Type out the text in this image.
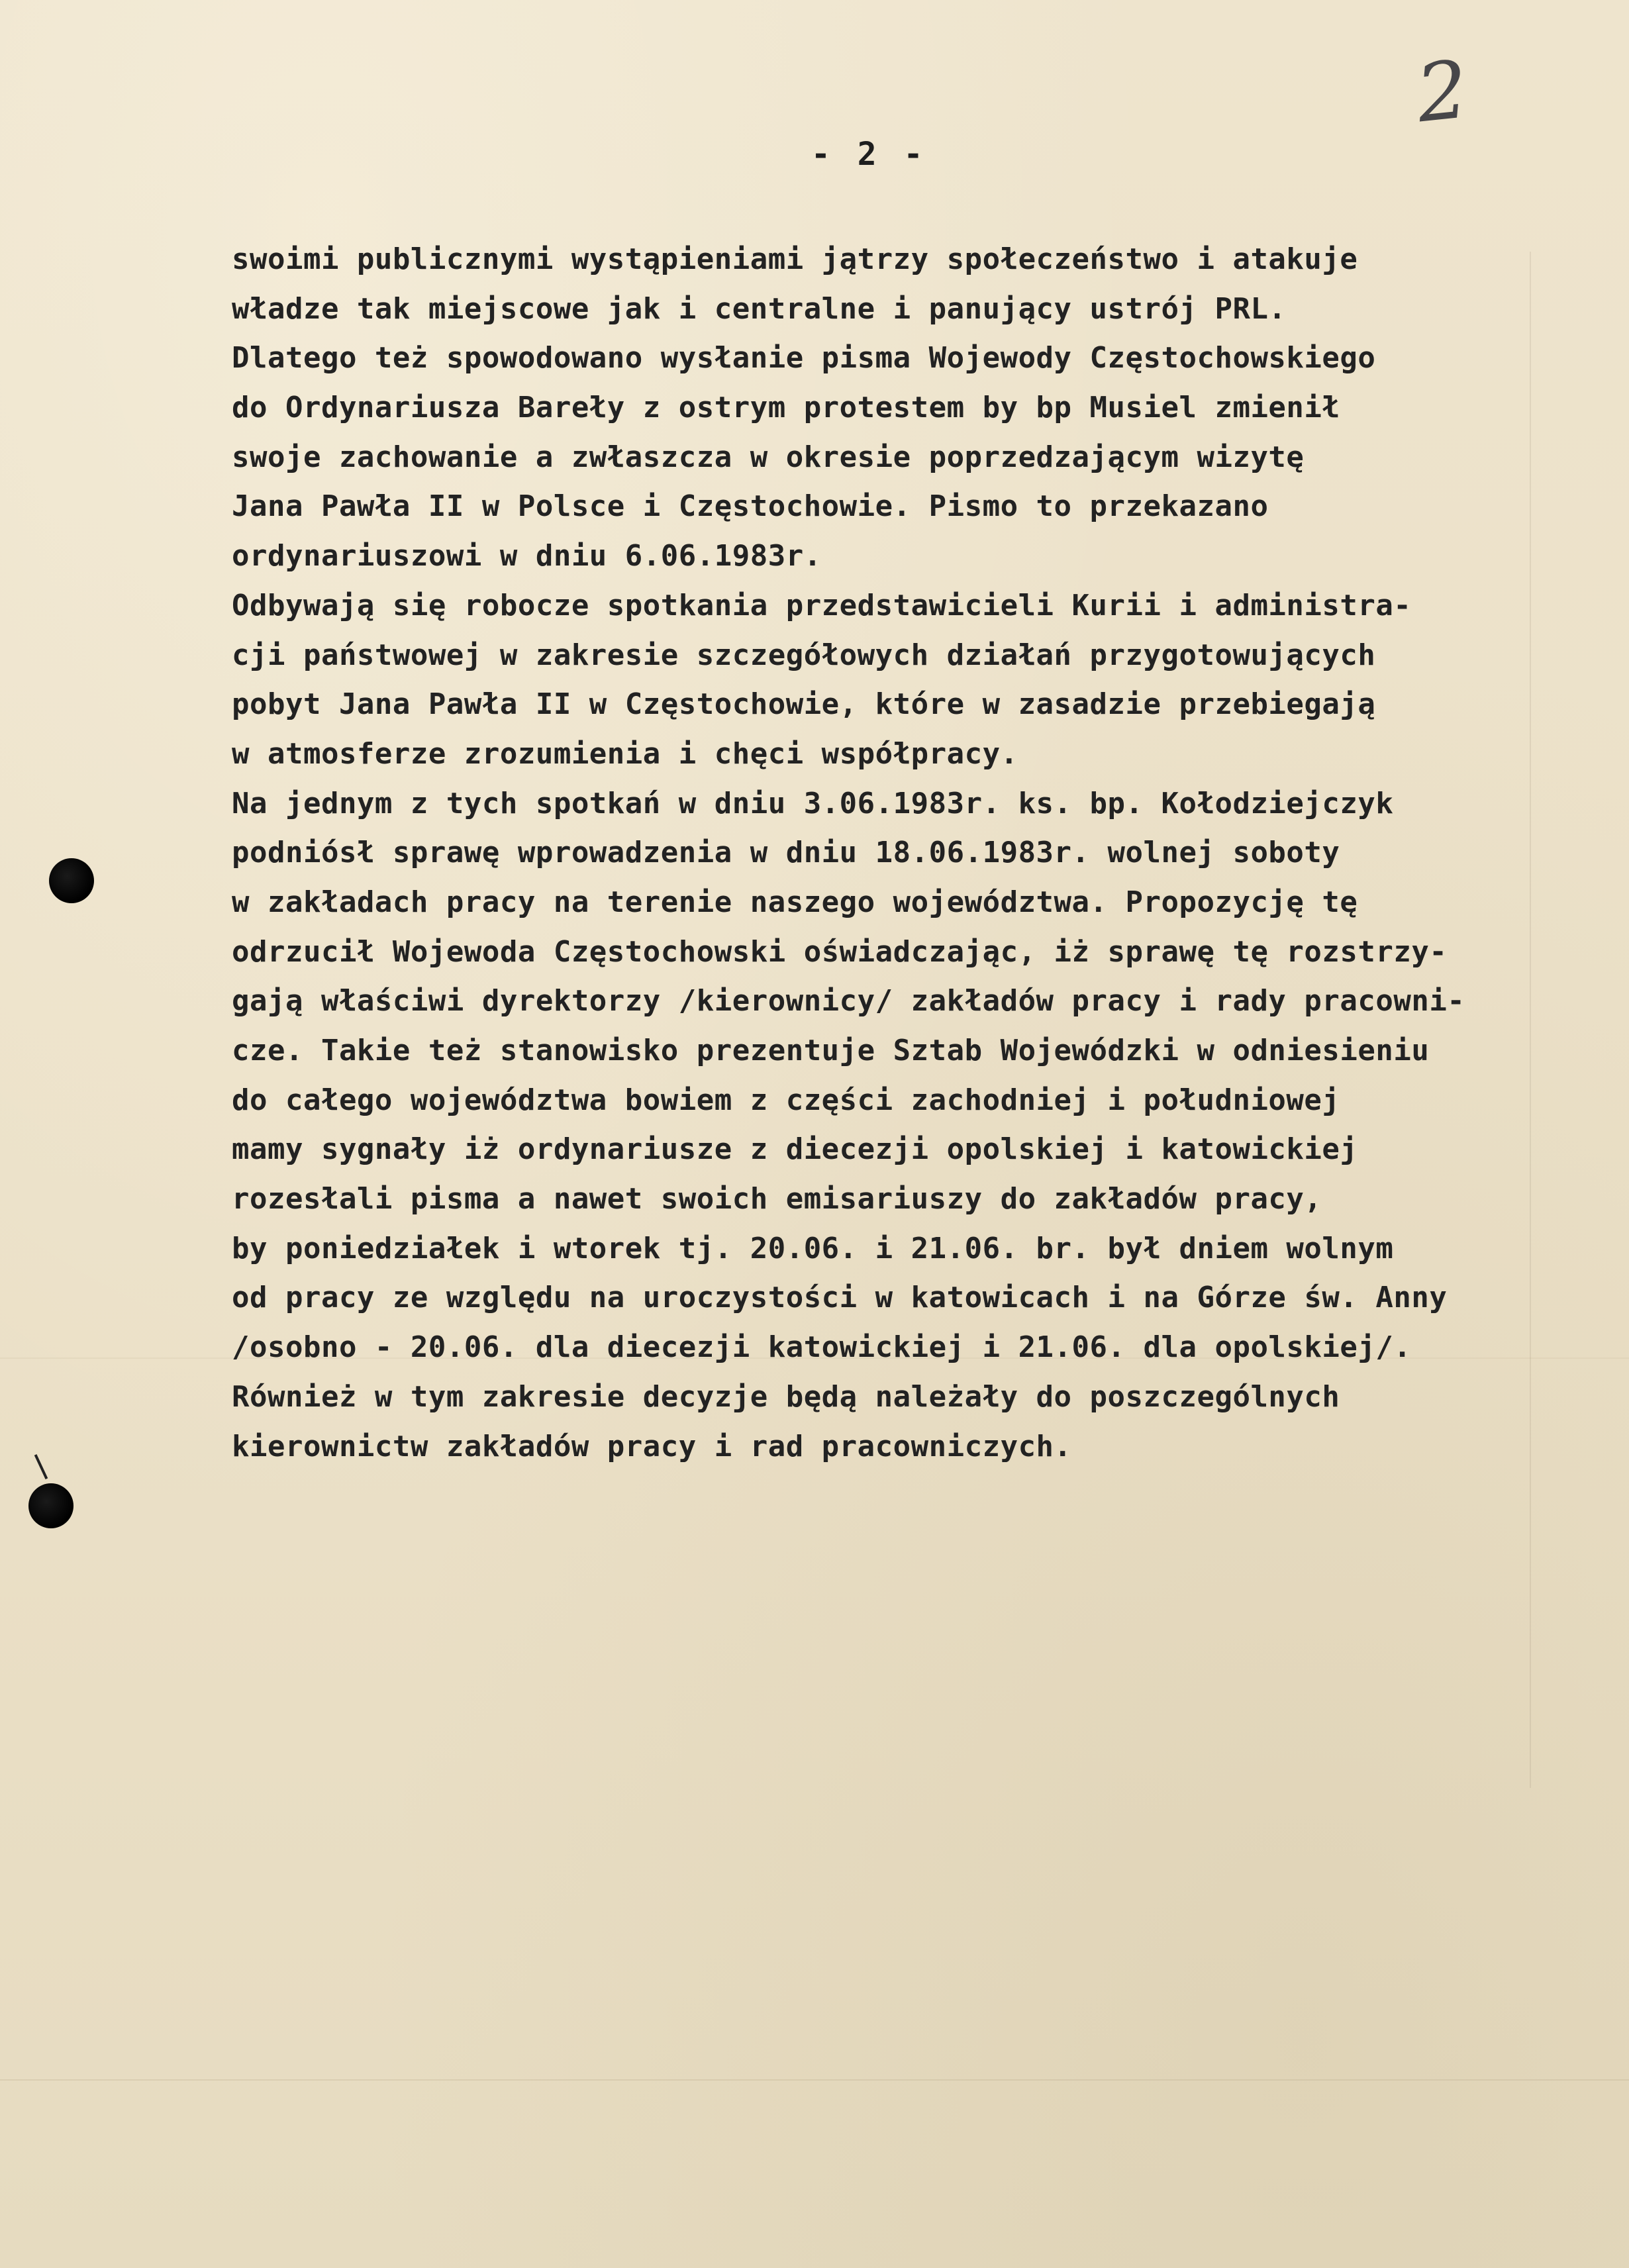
2
- 2 -
swoimi publicznymi wystąpieniami jątrzy społeczeństwo i atakuje
władze tak miejscowe jak i centralne i panujący ustrój PRL.
Dlatego też spowodowano wysłanie pisma Wojewody Częstochowskiego
do Ordynariusza Bareły z ostrym protestem by bp Musiel zmienił
swoje zachowanie a zwłaszcza w okresie poprzedzającym wizytę
Jana Pawła II w Polsce i Częstochowie. Pismo to przekazano
ordynariuszowi w dniu 6.06.1983r.
Odbywają się robocze spotkania przedstawicieli Kurii i administra-
cji państwowej w zakresie szczegółowych działań przygotowujących
pobyt Jana Pawła II w Częstochowie, które w zasadzie przebiegają
w atmosferze zrozumienia i chęci współpracy.
Na jednym z tych spotkań w dniu 3.06.1983r. ks. bp. Kołodziejczyk
podniósł sprawę wprowadzenia w dniu 18.06.1983r. wolnej soboty
w zakładach pracy na terenie naszego województwa. Propozycję tę
odrzucił Wojewoda Częstochowski oświadczając, iż sprawę tę rozstrzy-
gają właściwi dyrektorzy /kierownicy/ zakładów pracy i rady pracowni-
cze. Takie też stanowisko prezentuje Sztab Wojewódzki w odniesieniu
do całego województwa bowiem z części zachodniej i południowej
mamy sygnały iż ordynariusze z diecezji opolskiej i katowickiej
rozesłali pisma a nawet swoich emisariuszy do zakładów pracy,
by poniedziałek i wtorek tj. 20.06. i 21.06. br. był dniem wolnym
od pracy ze względu na uroczystości w katowicach i na Górze św. Anny
/osobno - 20.06. dla diecezji katowickiej i 21.06. dla opolskiej/.
Również w tym zakresie decyzje będą należały do poszczególnych
kierownictw zakładów pracy i rad pracowniczych.
